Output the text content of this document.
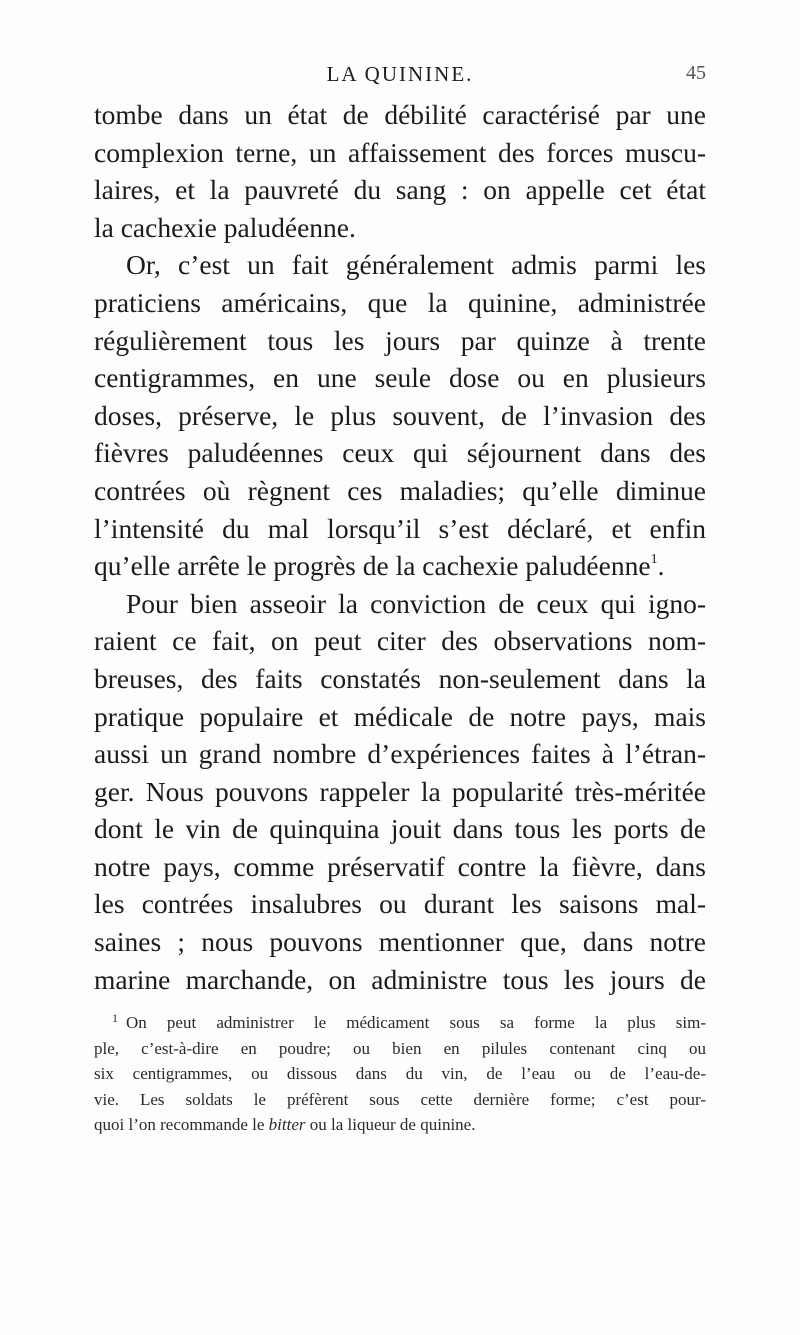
LA QUININE.	45
tombe dans un état de débilité caractérisé par une
complexion terne, un affaissement des forces muscu-
laires, et la pauvreté du sang : on appelle cet état
la cachexie paludéenne.
Or, c’est un fait généralement admis parmi les
praticiens américains, que la quinine, administrée
régulièrement tous les jours par quinze à trente
centigrammes, en une seule dose ou en plusieurs
doses, préserve, le plus souvent, de l’invasion des
fièvres paludéennes ceux qui séjournent dans des
contrées où règnent ces maladies; qu’elle diminue
l’intensité du mal lorsqu’il s’est déclaré, et enfin
qu’elle arrête le progrès de la cachexie paludéenne$^1$.
Pour bien asseoir la conviction de ceux qui igno-
raient ce fait, on peut citer des observations nom-
breuses, des faits constatés non-seulement dans la
pratique populaire et médicale de notre pays, mais
aussi un grand nombre d’expériences faites à l’étran-
ger. Nous pouvons rappeler la popularité très-méritée
dont le vin de quinquina jouit dans tous les ports de
notre pays, comme préservatif contre la fièvre, dans
les contrées insalubres ou durant les saisons mal-
saines ; nous pouvons mentionner que, dans notre
marine marchande, on administre tous les jours de
$^1$ On peut administrer le médicament sous sa forme la plus sim-
ple, c’est-à-dire en poudre; ou bien en pilules contenant cinq ou
six centigrammes, ou dissous dans du vin, de l’eau ou de l’eau-de-
vie. Les soldats le préfèrent sous cette dernière forme; c’est pour-
quoi l’on recommande le bitter ou la liqueur de quinine.
